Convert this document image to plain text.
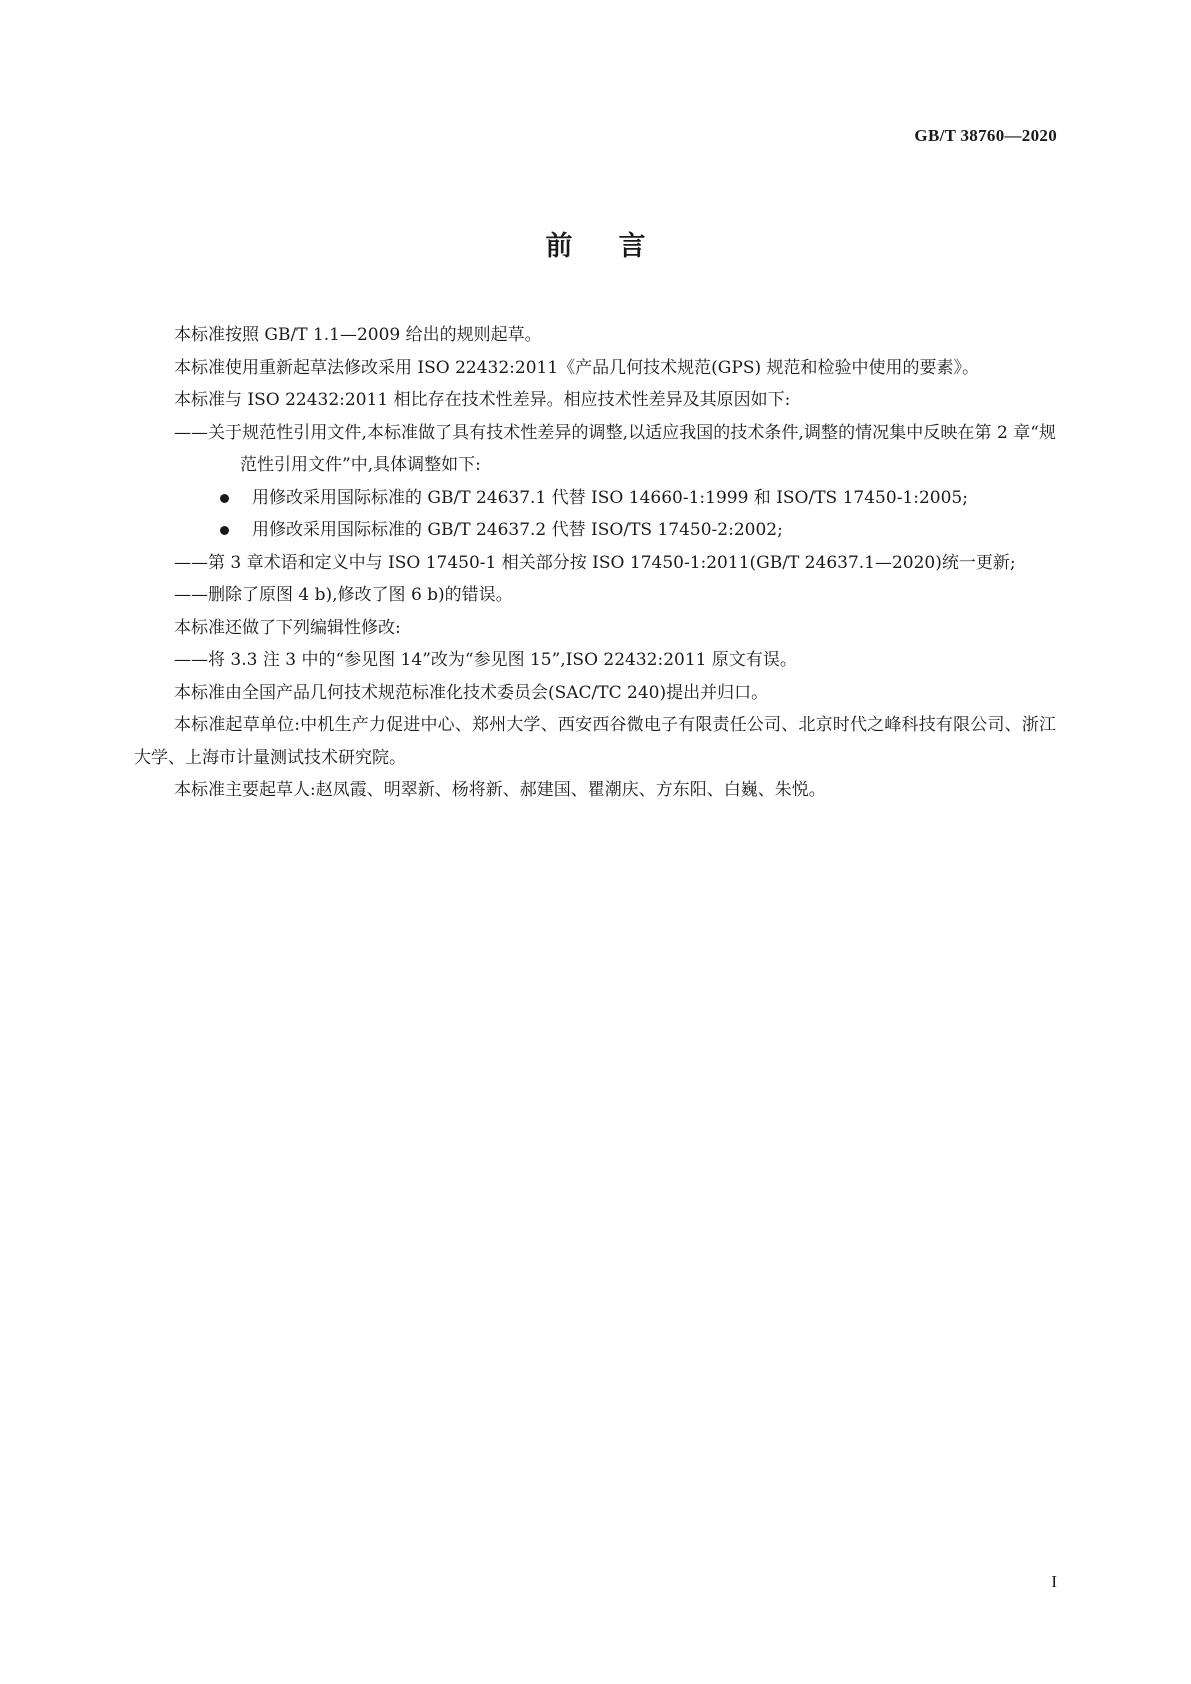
GB/T 38760—2020
前言

本标准按照 GB/T 1.1—2009 给出的规则起草。

本标准使用重新起草法修改采用 ISO 22432:2011《产品几何技术规范(GPS) 规范和检验中使用的要素》。

本标准与 ISO 22432:2011 相比存在技术性差异。相应技术性差异及其原因如下:

——关于规范性引用文件,本标准做了具有技术性差异的调整,以适应我国的技术条件,调整的情况集中反映在第 2 章“规范性引用文件”中,具体调整如下:

用修改采用国际标准的 GB/T 24637.1 代替 ISO 14660-1:1999 和 ISO/TS 17450-1:2005;
用修改采用国际标准的 GB/T 24637.2 代替 ISO/TS 17450-2:2002;

——第 3 章术语和定义中与 ISO 17450-1 相关部分按 ISO 17450-1:2011(GB/T 24637.1—2020)统一更新;

——删除了原图 4 b),修改了图 6 b)的错误。

本标准还做了下列编辑性修改:

——将 3.3 注 3 中的“参见图 14”改为“参见图 15”,ISO 22432:2011 原文有误。

本标准由全国产品几何技术规范标准化技术委员会(SAC/TC 240)提出并归口。

本标准起草单位:中机生产力促进中心、郑州大学、西安西谷微电子有限责任公司、北京时代之峰科技有限公司、浙江大学、上海市计量测试技术研究院。

本标准主要起草人:赵凤霞、明翠新、杨将新、郝建国、瞿潮庆、方东阳、白巍、朱悦。

I
